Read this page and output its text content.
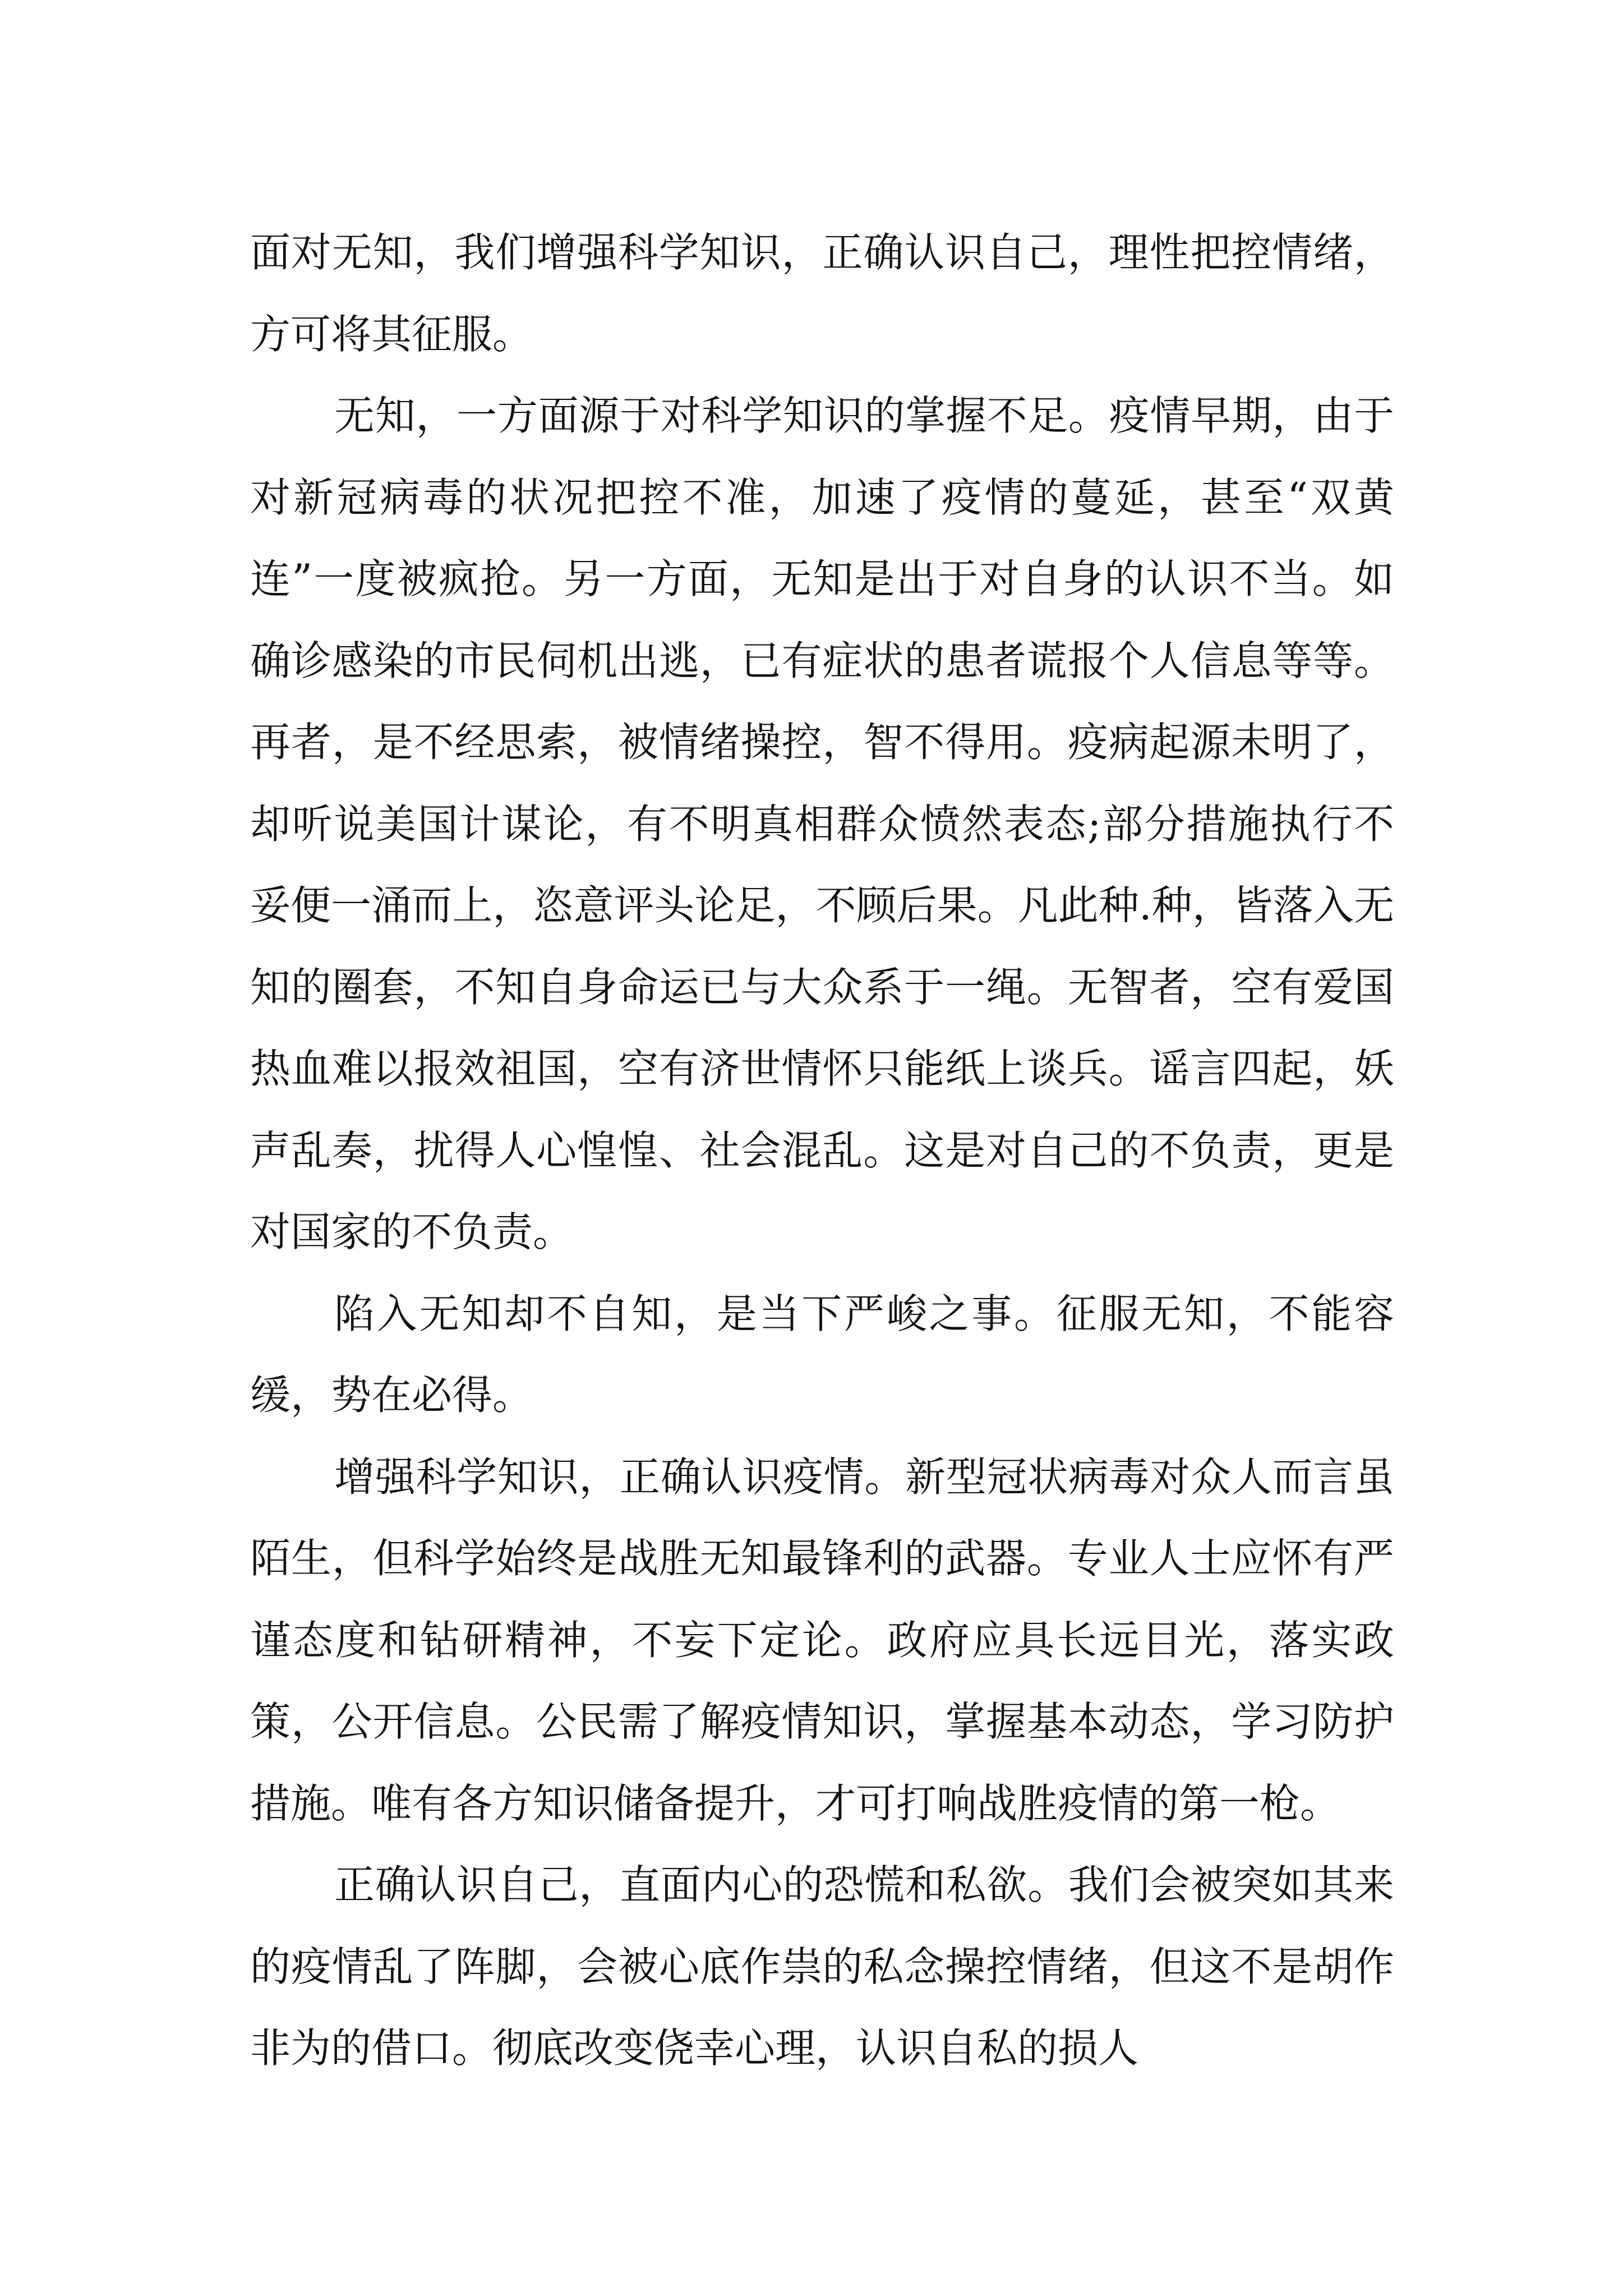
面对无知，我们增强科学知识，正确认识自己，理性把控情绪，方可将其征服。

无知，一方面源于对科学知识的掌握不足。疫情早期，由于对新冠病毒的状况把控不准，加速了疫情的蔓延，甚至“双黄连”一度被疯抢。另一方面，无知是出于对自身的认识不当。如确诊感染的市民伺机出逃，已有症状的患者谎报个人信息等等。再者，是不经思索，被情绪操控，智不得用。疫病起源未明了，却听说美国计谋论，有不明真相群众愤然表态;部分措施执行不妥便一涌而上，恣意评头论足，不顾后果。凡此种.种，皆落入无知的圈套，不知自身命运已与大众系于一绳。无智者，空有爱国热血难以报效祖国，空有济世情怀只能纸上谈兵。谣言四起，妖声乱奏，扰得人心惶惶、社会混乱。这是对自己的不负责，更是对国家的不负责。

陷入无知却不自知，是当下严峻之事。征服无知，不能容缓，势在必得。

增强科学知识，正确认识疫情。新型冠状病毒对众人而言虽陌生，但科学始终是战胜无知最锋利的武器。专业人士应怀有严谨态度和钻研精神，不妄下定论。政府应具长远目光，落实政策，公开信息。公民需了解疫情知识，掌握基本动态，学习防护措施。唯有各方知识储备提升，才可打响战胜疫情的第一枪。

正确认识自己，直面内心的恐慌和私欲。我们会被突如其来的疫情乱了阵脚，会被心底作祟的私念操控情绪，但这不是胡作非为的借口。彻底改变侥幸心理，认识自私的损人
